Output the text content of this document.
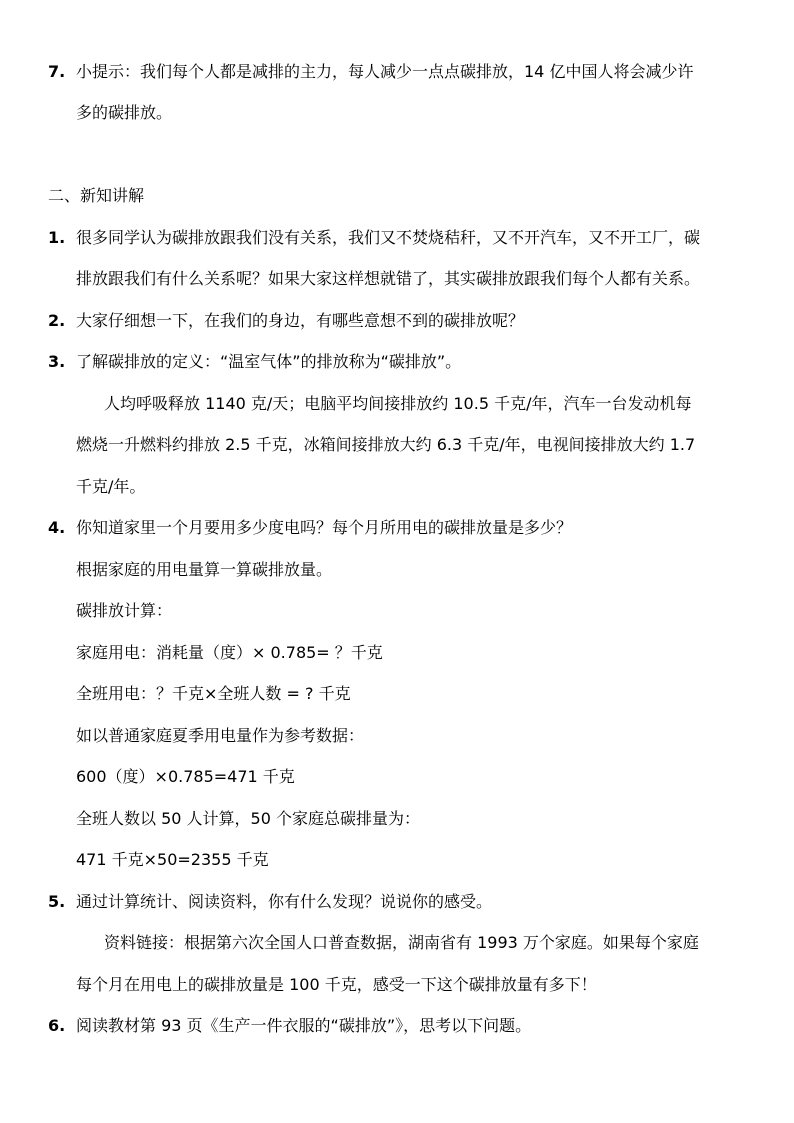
7. 小提示：我们每个人都是减排的主力，每人减少一点点碳排放，14 亿中国人将会减少许
多的碳排放。
二、新知讲解
1. 很多同学认为碳排放跟我们没有关系，我们又不焚烧秸秆，又不开汽车，又不开工厂，碳
排放跟我们有什么关系呢？如果大家这样想就错了，其实碳排放跟我们每个人都有关系。
2. 大家仔细想一下，在我们的身边，有哪些意想不到的碳排放呢？
3. 了解碳排放的定义：“温室气体”的排放称为“碳排放”。
人均呼吸释放 1140 克/天；电脑平均间接排放约 10.5 千克/年，汽车一台发动机每
燃烧一升燃料约排放 2.5 千克，冰箱间接排放大约 6.3 千克/年，电视间接排放大约 1.7
千克/年。
4. 你知道家里一个月要用多少度电吗？每个月所用电的碳排放量是多少？
根据家庭的用电量算一算碳排放量。
碳排放计算：
家庭用电：消耗量（度）× 0.785= ？千克
全班用电：？千克×全班人数 = ? 千克
如以普通家庭夏季用电量作为参考数据：
600（度）×0.785=471 千克
全班人数以 50 人计算，50 个家庭总碳排量为：
471 千克×50=2355 千克
5. 通过计算统计、阅读资料，你有什么发现？说说你的感受。
资料链接：根据第六次全国人口普查数据，湖南省有 1993 万个家庭。如果每个家庭
每个月在用电上的碳排放量是 100 千克，感受一下这个碳排放量有多下！
6. 阅读教材第 93 页《生产一件衣服的“碳排放”》，思考以下问题。
